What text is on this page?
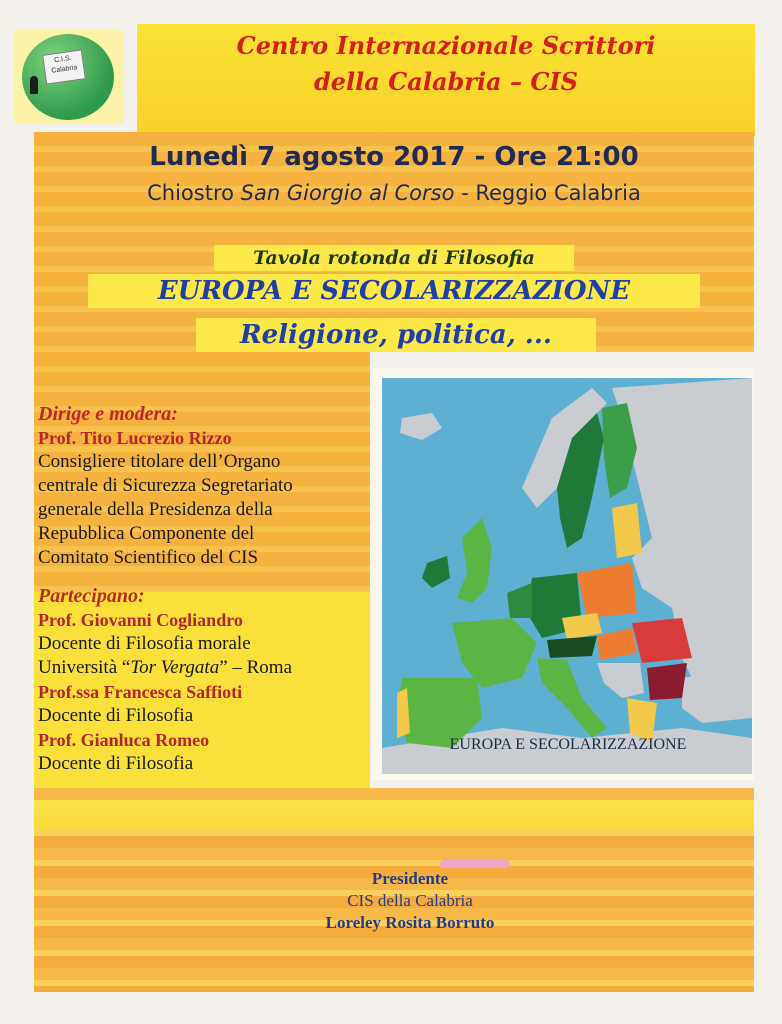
C.I.S. Calabria
Centro Internazionale Scrittori
della Calabria – CIS

Lunedì 7 agosto 2017 - Ore 21:00

Chiostro San Giorgio al Corso - Reggio Calabria

Tavola rotonda di Filosofia
EUROPA E SECOLARIZZAZIONE
Religione, politica, ...
EUROPA E SECOLARIZZAZIONE
Dirige e modera:
Prof. Tito Lucrezio Rizzo
Consigliere titolare dell’Organo
centrale di Sicurezza Segretariato
generale della Presidenza della
Repubblica Componente del
Comitato Scientifico del CIS
Partecipano:
Prof. Giovanni Cogliandro
Docente di Filosofia morale
Università “Tor Vergata” – Roma
Prof.ssa Francesca Saffioti
Docente di Filosofia
Prof. Gianluca Romeo
Docente di Filosofia
Presidente
CIS della Calabria
Loreley Rosita Borruto
